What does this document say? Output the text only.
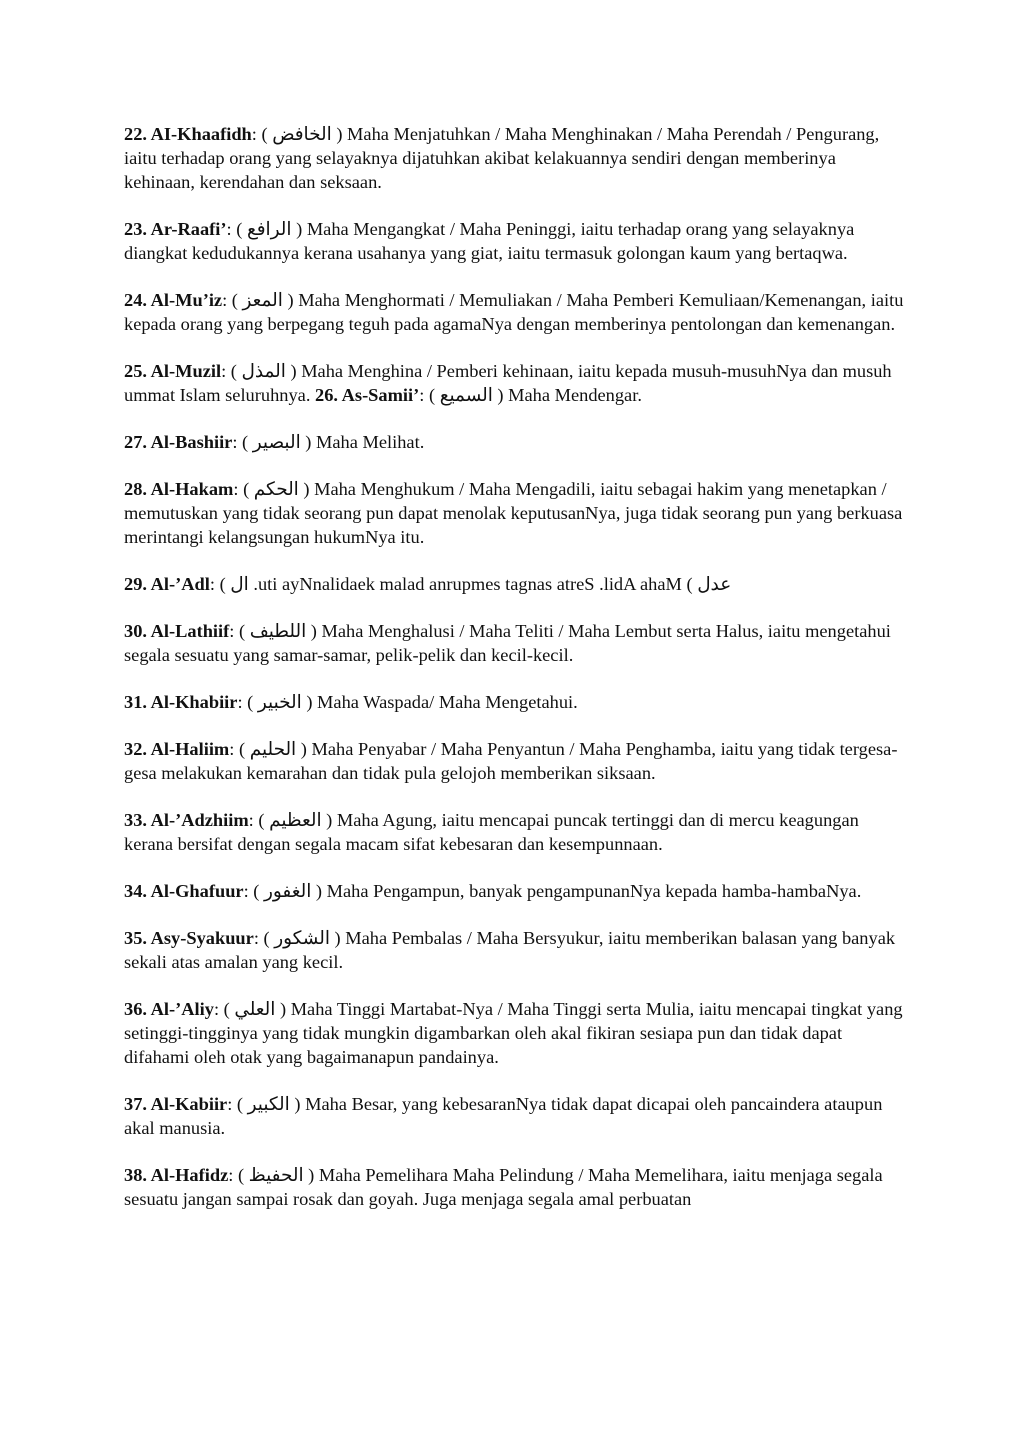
22. AI-Khaafidh: ( الخافض ) Maha Menjatuhkan / Maha Menghinakan / Maha Perendah / Pengurang, iaitu terhadap orang yang selayaknya dijatuhkan akibat kelakuannya sendiri dengan memberinya kehinaan, kerendahan dan seksaan.

23. Ar-Raafi’: ( الرافع ) Maha Mengangkat / Maha Peninggi, iaitu terhadap orang yang selayaknya diangkat kedudukannya kerana usahanya yang giat, iaitu termasuk golongan kaum yang bertaqwa.

24. Al-Mu’iz: ( المعز ) Maha Menghormati / Memuliakan / Maha Pemberi Kemuliaan/Kemenangan, iaitu kepada orang yang berpegang teguh pada agamaNya dengan memberinya pentolongan dan kemenangan.

25. Al-Muzil: ( المذل ) Maha Menghina / Pemberi kehinaan, iaitu kepada musuh-musuhNya dan musuh ummat Islam seluruhnya. 26. As-Samii’: ( السميع ) Maha Mendengar.

27. Al-Bashiir: ( البصير ) Maha Melihat.

28. Al-Hakam: ( الحكم ) Maha Menghukum / Maha Mengadili, iaitu sebagai hakim yang menetapkan / memutuskan yang tidak seorang pun dapat menolak keputusanNya, juga tidak seorang pun yang berkuasa merintangi kelangsungan hukumNya itu.

29. Al-’Adl: ( ال .uti ayNnalidaek malad anrupmes tagnas atreS .lidA ahaM ( عدل

30. Al-Lathiif: ( اللطيف ) Maha Menghalusi / Maha Teliti / Maha Lembut serta Halus, iaitu mengetahui segala sesuatu yang samar-samar, pelik-pelik dan kecil-kecil.

31. Al-Khabiir: ( الخبير ) Maha Waspada/ Maha Mengetahui.

32. Al-Haliim: ( الحليم ) Maha Penyabar / Maha Penyantun / Maha Penghamba, iaitu yang tidak tergesa-gesa melakukan kemarahan dan tidak pula gelojoh memberikan siksaan.

33. Al-’Adzhiim: ( العظيم ) Maha Agung, iaitu mencapai puncak tertinggi dan di mercu keagungan kerana bersifat dengan segala macam sifat kebesaran dan kesempunnaan.

34. Al-Ghafuur: ( الغفور ) Maha Pengampun, banyak pengampunanNya kepada hamba-hambaNya.

35. Asy-Syakuur: ( الشكور ) Maha Pembalas / Maha Bersyukur, iaitu memberikan balasan yang banyak sekali atas amalan yang kecil.

36. Al-’Aliy: ( العلي ) Maha Tinggi Martabat-Nya / Maha Tinggi serta Mulia, iaitu mencapai tingkat yang setinggi-tingginya yang tidak mungkin digambarkan oleh akal fikiran sesiapa pun dan tidak dapat difahami oleh otak yang bagaimanapun pandainya.

37. Al-Kabiir: ( الكبير ) Maha Besar, yang kebesaranNya tidak dapat dicapai oleh pancaindera ataupun akal manusia.

38. Al-Hafidz: ( الحفيظ ) Maha Pemelihara Maha Pelindung / Maha Memelihara, iaitu menjaga segala sesuatu jangan sampai rosak dan goyah. Juga menjaga segala amal perbuatan
